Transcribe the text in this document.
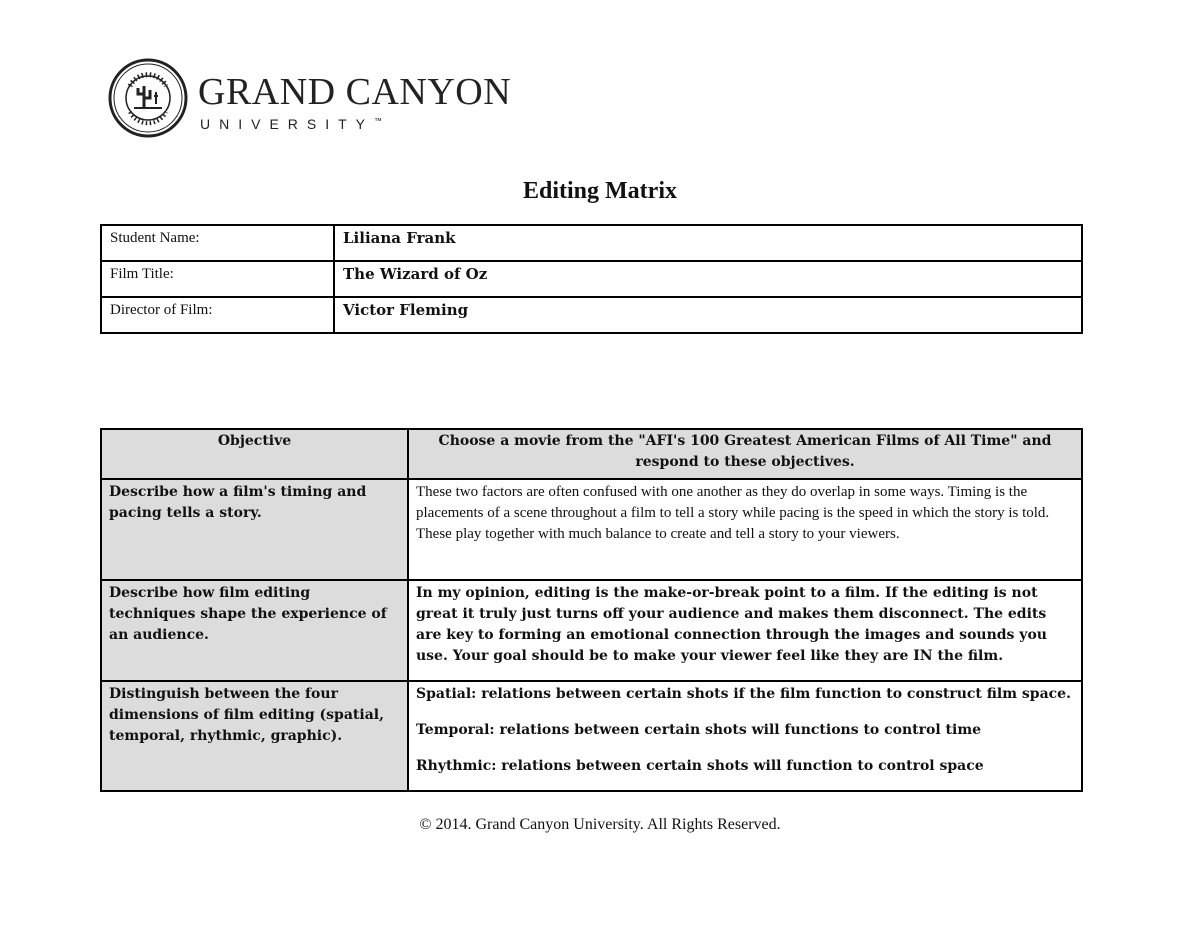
GRAND CANYON
UNIVERSITY™
Editing Matrix
Student Name:	Liliana Frank
Film Title:	The Wizard of Oz
Director of Film:	Victor Fleming
Objective	Choose a movie from the "AFI's 100 Greatest American Films of All Time" and respond to these objectives.
Describe how a film's timing and pacing tells a story.	These two factors are often confused with one another as they do overlap in some ways. Timing is the placements of a scene throughout a film to tell a story while pacing is the speed in which the story is told. These play together with much balance to create and tell a story to your viewers.
Describe how film editing techniques shape the experience of an audience.	In my opinion, editing is the make-or-break point to a film. If the editing is not great it truly just turns off your audience and makes them disconnect. The edits are key to forming an emotional connection through the images and sounds you use. Your goal should be to make your viewer feel like they are IN the film.
Distinguish between the four dimensions of film editing (spatial, temporal, rhythmic, graphic).	Spatial: relations between certain shots if the film function to construct film space.

Temporal: relations between certain shots will functions to control time

Rhythmic: relations between certain shots will function to control space

© 2014. Grand Canyon University. All Rights Reserved.
